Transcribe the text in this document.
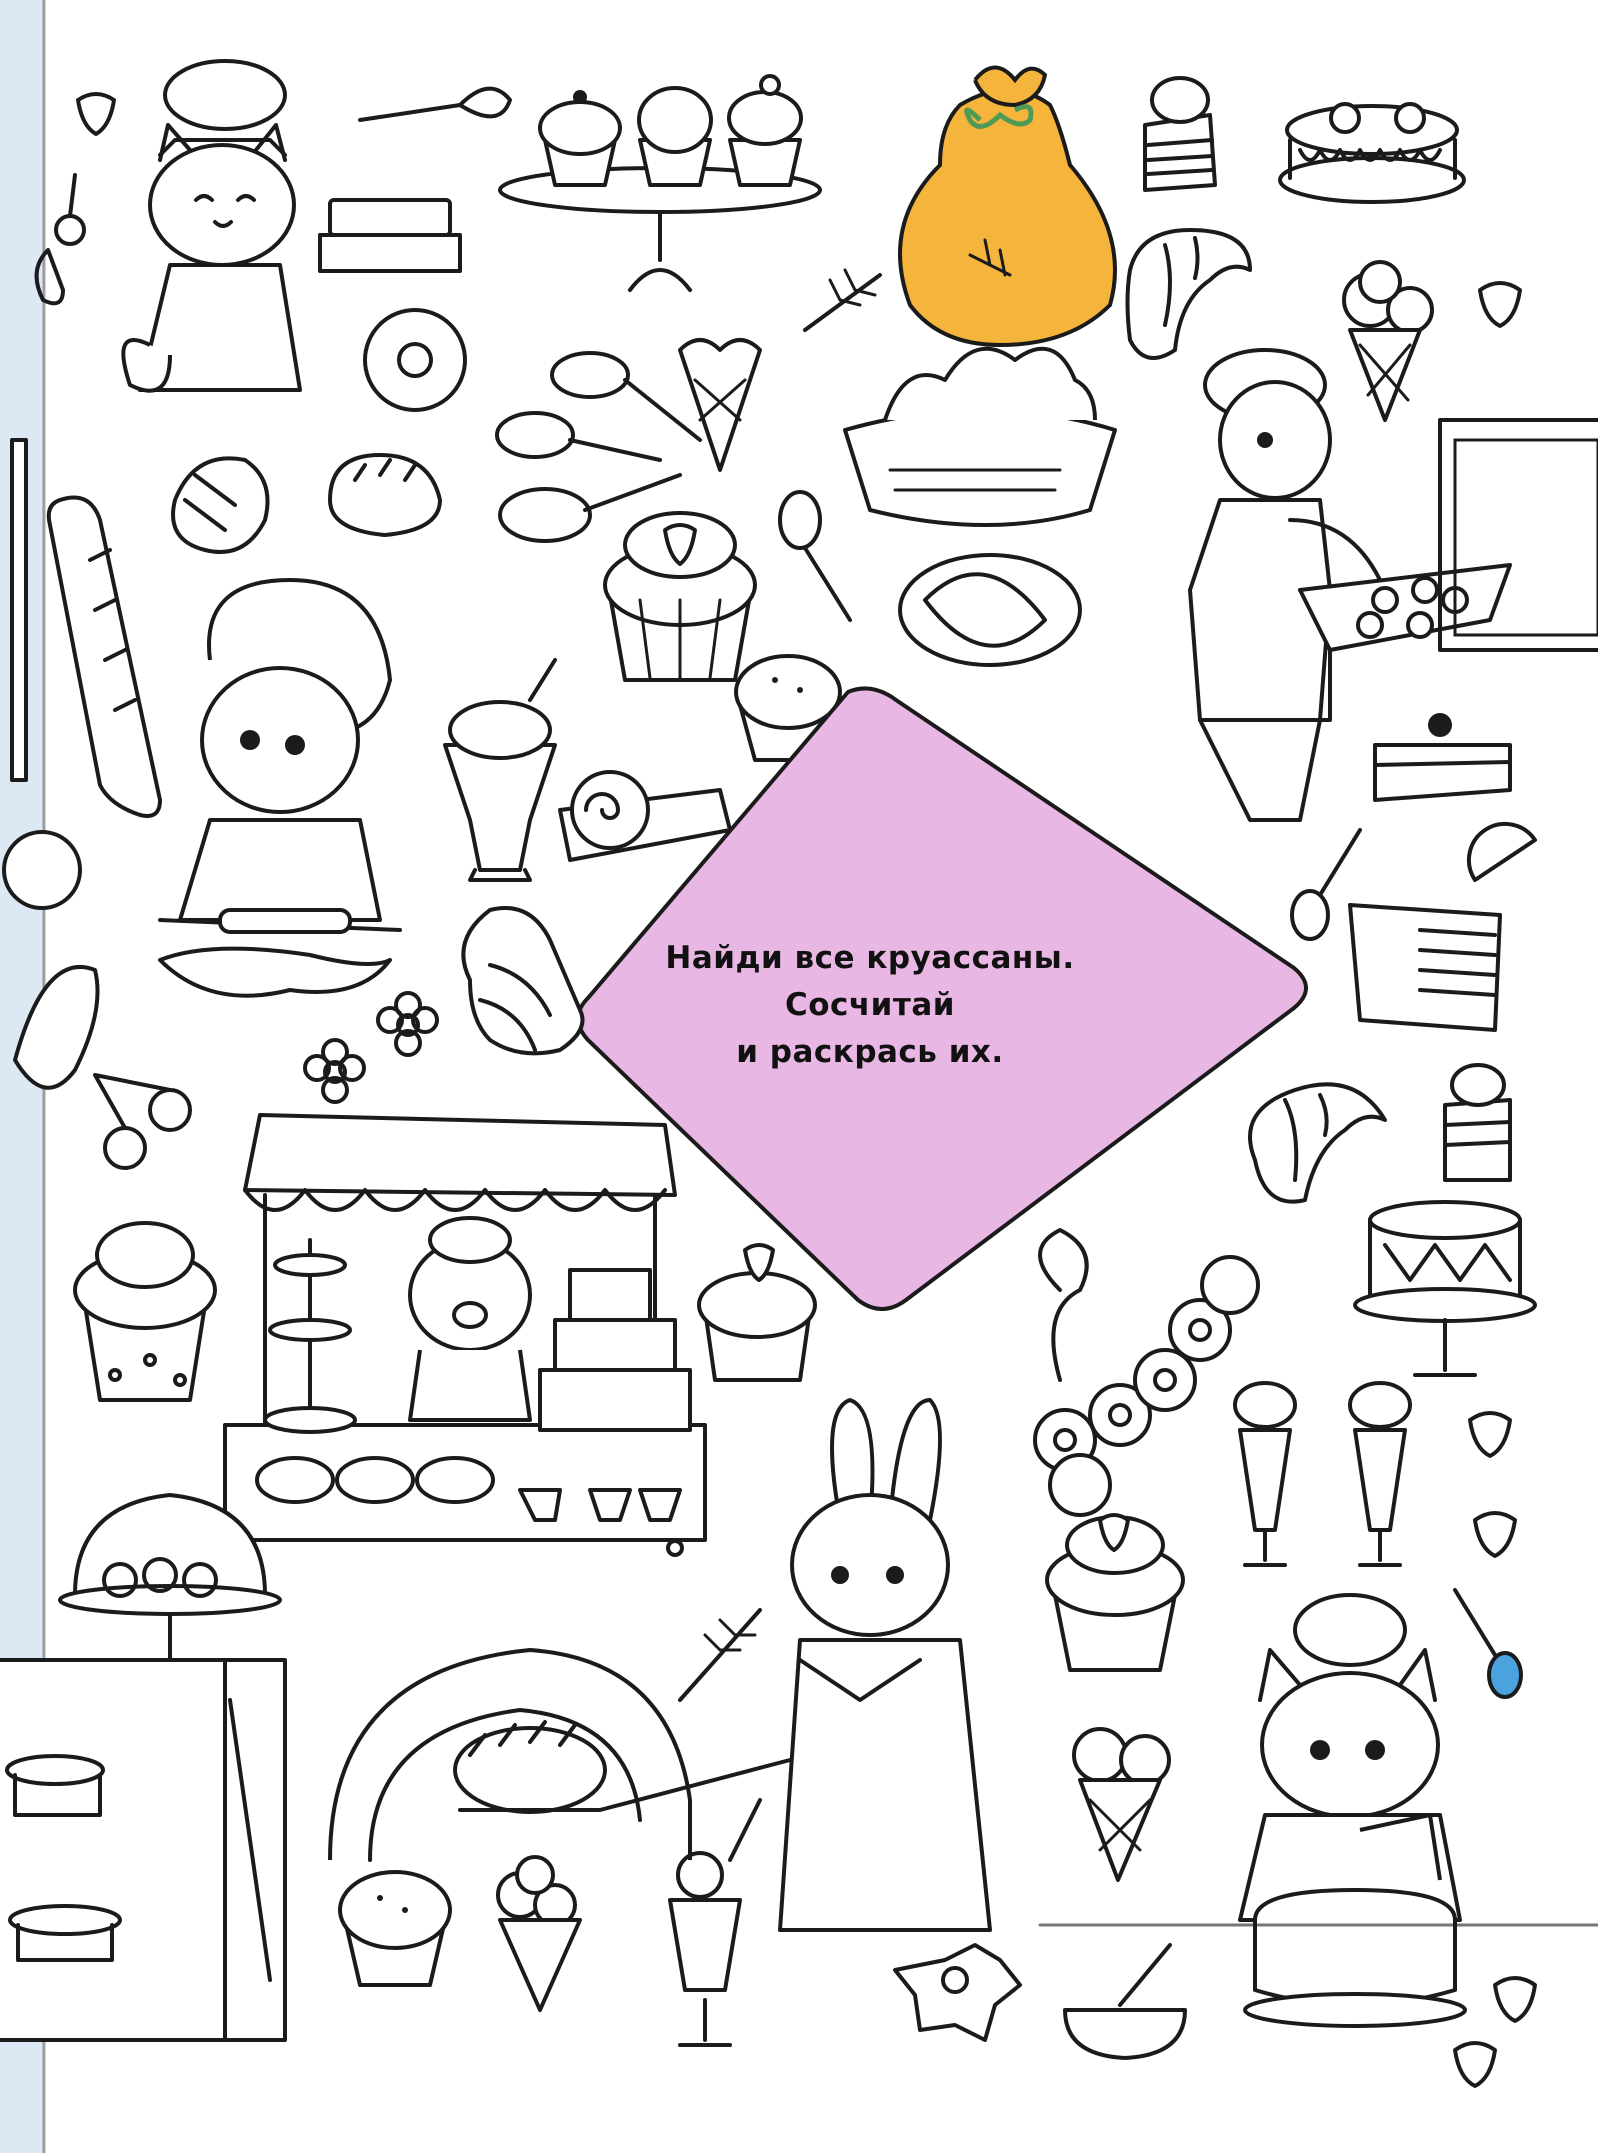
Найди все круассаны.
Сосчитай
и раскрась их.
